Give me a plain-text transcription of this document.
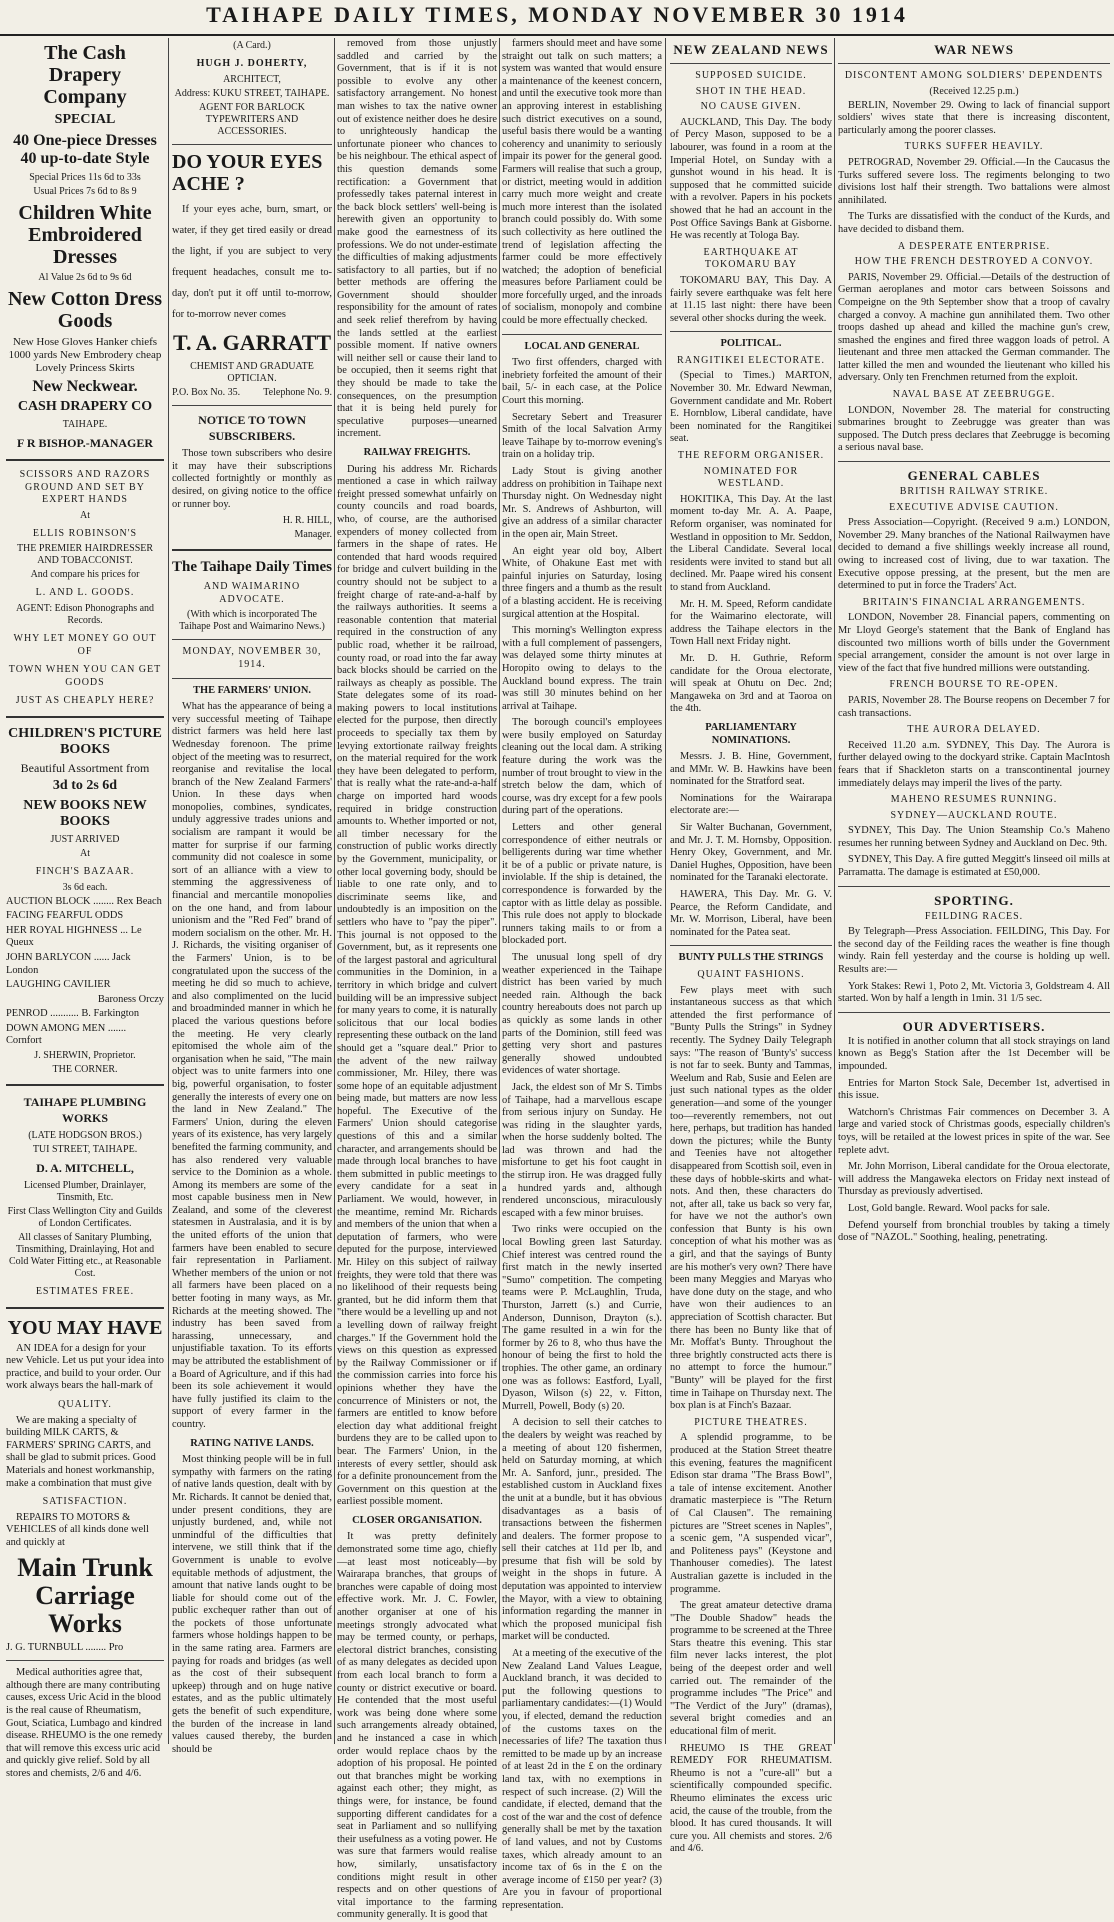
TAIHAPE DAILY TIMES, MONDAY NOVEMBER 30 1914
The Cash Drapery Company
SPECIAL
40 One-piece Dresses 40 up-to-date Style
Special Prices 11s 6d to 33s
Usual Prices 7s 6d to 8s 9
Children White Embroidered Dresses
Al Value 2s 6d to 9s 6d
New Cotton Dress Goods
New Hose Gloves Hanker chiefs 1000 yards New Embrodery cheap Lovely Princess Skirts
New Neckwear.
CASH DRAPERY CO
TAIHAPE.
F R BISHOP.-MANAGER
SCISSORS AND RAZORS GROUND AND SET BY EXPERT HANDS
At
ELLIS ROBINSON'S
THE PREMIER HAIRDRESSER AND TOBACCONIST.
And compare his prices for
L. AND L. GOODS.
AGENT: Edison Phonographs and Records.
WHY LET MONEY GO OUT OF
TOWN WHEN YOU CAN GET GOODS
JUST AS CHEAPLY HERE?
CHILDREN'S PICTURE BOOKS
Beautiful Assortment from
3d to 2s 6d
NEW BOOKS NEW BOOKS
JUST ARRIVED
At
FINCH'S BAZAAR.
3s 6d each.
AUCTION BLOCK ........ Rex Beach
FACING FEARFUL ODDS
HER ROYAL HIGHNESS ... Le Queux
JOHN BARLYCON ...... Jack London
LAUGHING CAVILIER
Baroness Orczy
PENROD ........... B. Farkington
DOWN AMONG MEN ....... Cornfort
J. SHERWIN, Proprietor.
THE CORNER.
TAIHAPE PLUMBING WORKS
(LATE HODGSON BROS.)
TUI STREET, TAIHAPE.
D. A. MITCHELL,
Licensed Plumber, Drainlayer, Tinsmith, Etc.
First Class Wellington City and Guilds of London Certificates.
All classes of Sanitary Plumbing, Tinsmithing, Drainlaying, Hot and Cold Water Fitting etc., at Reasonable Cost.
ESTIMATES FREE.
YOU MAY HAVE

AN IDEA for a design for your new Vehicle. Let us put your idea into practice, and build to your order. Our work always bears the hall-mark of

QUALITY.

We are making a specialty of building MILK CARTS, & FARMERS' SPRING CARTS, and shall be glad to submit prices. Good Materials and honest workmanship, make a combination that must give

SATISFACTION.

REPAIRS TO MOTORS & VEHICLES of all kinds done well and quickly at

Main Trunk Carriage Works
J. G. TURNBULL ........ Pro

Medical authorities agree that, although there are many contributing causes, excess Uric Acid in the blood is the real cause of Rheumatism, Gout, Sciatica, Lumbago and kindred disease. RHEUMO is the one remedy that will remove this excess uric acid and quickly give relief. Sold by all stores and chemists, 2/6 and 4/6.

(A Card.)
HUGH J. DOHERTY,
ARCHITECT,
Address: KUKU STREET, TAIHAPE.
AGENT FOR BARLOCK TYPEWRITERS AND ACCESSORIES.
DO YOUR EYES ACHE ?

If your eyes ache, burn, smart, or water, if they get tired easily or dread the light, if you are subject to very frequent headaches, consult me to-day, don't put it off until to-morrow, for to-morrow never comes

T. A. GARRATT
CHEMIST AND GRADUATE OPTICIAN.
P.O. Box No. 35. Telephone No. 9.
NOTICE TO TOWN SUBSCRIBERS.

Those town subscribers who desire it may have their subscriptions collected fortnightly or monthly as desired, on giving notice to the office or runner boy.

H. R. HILL,
Manager.
The Taihape Daily Times
AND WAIMARINO ADVOCATE.
(With which is incorporated The Taihape Post and Waimarino News.)
MONDAY, NOVEMBER 30, 1914.
THE FARMERS' UNION.

What has the appearance of being a very successful meeting of Taihape district farmers was held here last Wednesday forenoon. The prime object of the meeting was to resurrect, reorganise and revitalise the local branch of the New Zealand Farmers' Union. In these days when monopolies, combines, syndicates, unduly aggressive trades unions and socialism are rampant it would be matter for surprise if our farming community did not coalesce in some sort of an alliance with a view to stemming the aggressiveness of financial and mercantile monopolies on the one hand, and from labour unionism and the "Red Fed" brand of modern socialism on the other. Mr. H. J. Richards, the visiting organiser of the Farmers' Union, is to be congratulated upon the success of the meeting he did so much to achieve, and also complimented on the lucid and broadminded manner in which he placed the various questions before the meeting. He very clearly epitomised the whole aim of the organisation when he said, "The main object was to unite farmers into one big, powerful organisation, to foster generally the interests of every one on the land in New Zealand." The Farmers' Union, during the eleven years of its existence, has very largely benefited the farming community, and has also rendered very valuable service to the Dominion as a whole. Among its members are some of the most capable business men in New Zealand, and some of the cleverest statesmen in Australasia, and it is by the united efforts of the union that farmers have been enabled to secure fair representation in Parliament. Whether members of the union or not all farmers have been placed on a better footing in many ways, as Mr. Richards at the meeting showed. The industry has been saved from harassing, unnecessary, and unjustifiable taxation. To its efforts may be attributed the establishment of a Board of Agriculture, and if this had been its sole achievement it would have fully justified its claim to the support of every farmer in the country.

RATING NATIVE LANDS.

Most thinking people will be in full sympathy with farmers on the rating of native lands question, dealt with by Mr. Richards. It cannot be denied that, under present conditions, they are unjustly burdened, and, while not unmindful of the difficulties that intervene, we still think that if the Government is unable to evolve equitable methods of adjustment, the amount that native lands ought to be liable for should come out of the public exchequer rather than out of the pockets of those unfortunate farmers whose holdings happen to be in the same rating area. Farmers are paying for roads and bridges (as well as the cost of their subsequent upkeep) through and on huge native estates, and as the public ultimately gets the benefit of such expenditure, the burden of the increase in land values caused thereby, the burden should be

removed from those unjustly saddled and carried by the Government, that is if it is not possible to evolve any other satisfactory arrangement. No honest man wishes to tax the native owner out of existence neither does he desire to unrighteously handicap the unfortunate pioneer who chances to be his neighbour. The ethical aspect of this question demands some rectification: a Government that professedly takes paternal interest in the back block settlers' well-being is herewith given an opportunity to make good the earnestness of its professions. We do not under-estimate the difficulties of making adjustments satisfactory to all parties, but if no better methods are offering the Government should shoulder responsibility for the amount of rates and seek relief therefrom by having the lands settled at the earliest possible moment. If native owners will neither sell or cause their land to be occupied, then it seems right that they should be made to take the consequences, on the presumption that it is being held purely for speculative purposes—unearned increment.

RAILWAY FREIGHTS.

During his address Mr. Richards mentioned a case in which railway freight pressed somewhat unfairly on county councils and road boards, who, of course, are the authorised expenders of money collected from farmers in the shape of rates. He contended that hard woods required for bridge and culvert building in the country should not be subject to a freight charge of rate-and-a-half by the railways authorities. It seems a reasonable contention that material required in the construction of any public road, whether it be railroad, county road, or road into the far away back blocks should be carried on the railways as cheaply as possible. The State delegates some of its road-making powers to local institutions elected for the purpose, then directly proceeds to specially tax them by levying extortionate railway freights on the material required for the work they have been delegated to perform, that is really what the rate-and-a-half charge on imported hard woods required in bridge construction amounts to. Whether imported or not, all timber necessary for the construction of public works directly by the Government, municipality, or other local governing body, should be liable to one rate only, and to discriminate seems like, and undoubtedly is an imposition on the settlers who have to "pay the piper". This journal is not opposed to the Government, but, as it represents one of the largest pastoral and agricultural communities in the Dominion, in a territory in which bridge and culvert building will be an impressive subject for many years to come, it is naturally solicitous that our local bodies representing these outback on the land should get a "square deal." Prior to the advent of the new railway commissioner, Mr. Hiley, there was some hope of an equitable adjustment being made, but matters are now less hopeful. The Executive of the Farmers' Union should categorise questions of this and a similar character, and arrangements should be made through local branches to have them submitted in public meetings to every candidate for a seat in Parliament. We would, however, in the meantime, remind Mr. Richards and members of the union that when a deputation of farmers, who were deputed for the purpose, interviewed Mr. Hiley on this subject of railway freights, they were told that there was no likelihood of their requests being granted, but he did inform them that "there would be a levelling up and not a levelling down of railway freight charges." If the Government hold the views on this question as expressed by the Railway Commissioner or if the commission carries into force his opinions whether they have the concurrence of Ministers or not, the farmers are entitled to know before election day what additional freight burdens they are to be called upon to bear. The Farmers' Union, in the interests of every settler, should ask for a definite pronouncement from the Government on this question at the earliest possible moment.

CLOSER ORGANISATION.

It was pretty definitely demonstrated some time ago, chiefly—at least most noticeably—by Wairarapa branches, that groups of branches were capable of doing most effective work. Mr. J. C. Fowler, another organiser at one of his meetings strongly advocated what may be termed county, or perhaps, electoral district branches, consisting of as many delegates as decided upon from each local branch to form a county or district executive or board. He contended that the most useful work was being done where some such arrangements already obtained, and he instanced a case in which order would replace chaos by the adoption of his proposal. He pointed out that branches might be working against each other; they might, as things were, for instance, be found supporting different candidates for a seat in Parliament and so nullifying their usefulness as a voting power. He was sure that farmers would realise how, similarly, unsatisfactory conditions might result in other respects and on other questions of vital importance to the farming community generally. It is good that

farmers should meet and have some straight out talk on such matters; a system was wanted that would ensure a maintenance of the keenest concern, and until the executive took more than an approving interest in establishing such district executives on a sound, useful basis there would be a wanting coherency and unanimity to seriously impair its power for the general good. Farmers will realise that such a group, or district, meeting would in addition carry much more weight and create much more interest than the isolated branch could possibly do. With some such collectivity as here outlined the trend of legislation affecting the farmer could be more effectively watched; the adoption of beneficial measures before Parliament could be more forcefully urged, and the inroads of socialism, monopoly and combine could be more effectually checked.

LOCAL AND GENERAL

Two first offenders, charged with inebriety forfeited the amount of their bail, 5/- in each case, at the Police Court this morning.

Secretary Sebert and Treasurer Smith of the local Salvation Army leave Taihape by to-morrow evening's train on a holiday trip.

Lady Stout is giving another address on prohibition in Taihape next Thursday night. On Wednesday night Mr. S. Andrews of Ashburton, will give an address of a similar character in the open air, Main Street.

An eight year old boy, Albert White, of Ohakune East met with painful injuries on Saturday, losing three fingers and a thumb as the result of a blasting accident. He is receiving surgical attention at the Hospital.

This morning's Wellington express with a full complement of passengers, was delayed some thirty minutes at Horopito owing to delays to the Auckland bound express. The train was still 30 minutes behind on her arrival at Taihape.

The borough council's employees were busily employed on Saturday cleaning out the local dam. A striking feature during the work was the number of trout brought to view in the stretch below the dam, which of course, was dry except for a few pools during part of the operations.

Letters and other general correspondence of either neutrals or belligerents during war time whether it be of a public or private nature, is inviolable. If the ship is detained, the correspondence is forwarded by the captor with as little delay as possible. This rule does not apply to blockade runners taking mails to or from a blockaded port.

The unusual long spell of dry weather experienced in the Taihape district has been varied by much needed rain. Although the back country hereabouts does not parch up as quickly as some lands in other parts of the Dominion, still feed was getting very short and pastures generally showed undoubted evidences of water shortage.

Jack, the eldest son of Mr S. Timbs of Taihape, had a marvellous escape from serious injury on Sunday. He was riding in the slaughter yards, when the horse suddenly bolted. The lad was thrown and had the misfortune to get his foot caught in the stirrup iron. He was dragged fully a hundred yards and, although rendered unconscious, miraculously escaped with a few minor bruises.

Two rinks were occupied on the local Bowling green last Saturday. Chief interest was centred round the first match in the newly inserted "Sumo" competition. The competing teams were P. McLaughlin, Truda, Thurston, Jarrett (s.) and Currie, Anderson, Dunnison, Drayton (s.). The game resulted in a win for the former by 26 to 8, who thus have the honour of being the first to hold the trophies. The other game, an ordinary one was as follows: Eastford, Lyall, Dyason, Wilson (s) 22, v. Fitton, Murrell, Powell, Body (s) 20.

A decision to sell their catches to the dealers by weight was reached by a meeting of about 120 fishermen, held on Saturday morning, at which Mr. A. Sanford, junr., presided. The established custom in Auckland fixes the unit at a bundle, but it has obvious disadvantages as a basis of transactions between the fishermen and dealers. The former propose to sell their catches at 11d per lb, and presume that fish will be sold by weight in the shops in future. A deputation was appointed to interview the Mayor, with a view to obtaining information regarding the manner in which the proposed municipal fish market will be conducted.

At a meeting of the executive of the New Zealand Land Values League, Auckland branch, it was decided to put the following questions to parliamentary candidates:—(1) Would you, if elected, demand the reduction of the customs taxes on the necessaries of life? The taxation thus remitted to be made up by an increase of at least 2d in the £ on the ordinary land tax, with no exemptions in respect of such increase. (2) Will the candidate, if elected, demand that the cost of the war and the cost of defence generally shall be met by the taxation of land values, and not by Customs taxes, which already amount to an income tax of 6s in the £ on the average income of £150 per year? (3) Are you in favour of proportional representation.

NEW ZEALAND NEWS
SUPPOSED SUICIDE.
SHOT IN THE HEAD.
NO CAUSE GIVEN.

AUCKLAND, This Day. The body of Percy Mason, supposed to be a labourer, was found in a room at the Imperial Hotel, on Sunday with a gunshot wound in his head. It is supposed that he committed suicide with a revolver. Papers in his pockets showed that he had an account in the Post Office Savings Bank at Gisborne. He was recently at Tologa Bay.

EARTHQUAKE AT TOKOMARU BAY

TOKOMARU BAY, This Day. A fairly severe earthquake was felt here at 11.15 last night: there have been several other shocks during the week.

POLITICAL.
RANGITIKEI ELECTORATE.

(Special to Times.) MARTON, November 30. Mr. Edward Newman, Government candidate and Mr. Robert E. Hornblow, Liberal candidate, have been nominated for the Rangitikei seat.

THE REFORM ORGANISER.
NOMINATED FOR WESTLAND.

HOKITIKA, This Day. At the last moment to-day Mr. A. A. Paape, Reform organiser, was nominated for Westland in opposition to Mr. Seddon, the Liberal Candidate. Several local residents were invited to stand but all declined. Mr. Paape wired his consent to stand from Auckland.

Mr. H. M. Speed, Reform candidate for the Waimarino electorate, will address the Taihape electors in the Town Hall next Friday night.

Mr. D. H. Guthrie, Reform candidate for the Oroua electorate, will speak at Ohutu on Dec. 2nd; Mangaweka on 3rd and at Taoroa on the 4th.

PARLIAMENTARY NOMINATIONS.

Messrs. J. B. Hine, Government, and MMr. W. B. Hawkins have been nominated for the Stratford seat.

Nominations for the Wairarapa electorate are:—

Sir Walter Buchanan, Government, and Mr. J. T. M. Hornsby, Opposition. Henry Okey, Government, and Mr. Daniel Hughes, Opposition, have been nominated for the Taranaki electorate.

HAWERA, This Day. Mr. G. V. Pearce, the Reform Candidate, and Mr. W. Morrison, Liberal, have been nominated for the Patea seat.

BUNTY PULLS THE STRINGS
QUAINT FASHIONS.

Few plays meet with such instantaneous success as that which attended the first performance of "Bunty Pulls the Strings" in Sydney recently. The Sydney Daily Telegraph says: "The reason of 'Bunty's' success is not far to seek. Bunty and Tammas, Weelum and Rab, Susie and Eelen are just such national types as the older generation—and some of the younger too—reverently remembers, not out here, perhaps, but tradition has handed down the pictures; while the Bunty and Teenies have not altogether disappeared from Scottish soil, even in these days of hobble-skirts and what-nots. And then, these characters do not, after all, take us back so very far, for have we not the author's own confession that Bunty is his own conception of what his mother was as a girl, and that the sayings of Bunty are his mother's very own? There have been many Meggies and Maryas who have done duty on the stage, and who have won their audiences to an appreciation of Scottish character. But there has been no Bunty like that of Mr. Moffat's Bunty. Throughout the three brightly constructed acts there is no attempt to force the humour." "Bunty" will be played for the first time in Taihape on Thursday next. The box plan is at Finch's Bazaar.

PICTURE THEATRES.

A splendid programme, to be produced at the Station Street theatre this evening, features the magnificent Edison star drama "The Brass Bowl", a tale of intense excitement. Another dramatic masterpiece is "The Return of Cal Clausen". The remaining pictures are "Street scenes in Naples", a scenic gem, "A suspended vicar", and Politeness pays" (Keystone and Thanhouser comedies). The latest Australian gazette is included in the programme.

The great amateur detective drama "The Double Shadow" heads the programme to be screened at the Three Stars theatre this evening. This star film never lacks interest, the plot being of the deepest order and well carried out. The remainder of the programme includes "The Price" and "The Verdict of the Jury" (dramas), several bright comedies and an educational film of merit.

RHEUMO IS THE GREAT REMEDY FOR RHEUMATISM. Rheumo is not a "cure-all" but a scientifically compounded specific. Rheumo eliminates the excess uric acid, the cause of the trouble, from the blood. It has cured thousands. It will cure you. All chemists and stores. 2/6 and 4/6.

WAR NEWS
DISCONTENT AMONG SOLDIERS' DEPENDENTS
(Received 12.25 p.m.)

BERLIN, November 29. Owing to lack of financial support soldiers' wives state that there is increasing discontent, particularly among the poorer classes.

TURKS SUFFER HEAVILY.

PETROGRAD, November 29. Official.—In the Caucasus the Turks suffered severe loss. The regiments belonging to two divisions lost half their strength. Two battalions were almost annihilated.

The Turks are dissatisfied with the conduct of the Kurds, and have decided to disband them.

A DESPERATE ENTERPRISE.
HOW THE FRENCH DESTROYED A CONVOY.

PARIS, November 29. Official.—Details of the destruction of German aeroplanes and motor cars between Soissons and Compeigne on the 9th September show that a troop of cavalry charged a convoy. A machine gun annihilated them. Two other troops dashed up ahead and killed the machine gun's crew, smashed the engines and fired three waggon loads of petrol. A lieutenant and three men attacked the German commander. The latter killed the men and wounded the lieutenant who killed his adversary. Only ten Frenchmen returned from the exploit.

NAVAL BASE AT ZEEBRUGGE.

LONDON, November 28. The material for constructing submarines brought to Zeebrugge was greater than was supposed. The Dutch press declares that Zeebrugge is becoming a serious naval base.

GENERAL CABLES
BRITISH RAILWAY STRIKE.
EXECUTIVE ADVISE CAUTION.

Press Association—Copyright. (Received 9 a.m.) LONDON, November 29. Many branches of the National Railwaymen have decided to demand a five shillings weekly increase all round, owing to increased cost of living, due to war taxation. The Executive oppose pressing, at the present, but the men are determined to put in force the Traders' Act.

BRITAIN'S FINANCIAL ARRANGEMENTS.

LONDON, November 28. Financial papers, commenting on Mr Lloyd George's statement that the Bank of England has discounted two millions worth of bills under the Government special arrangement, consider the amount is not over large in view of the fact that five hundred millions were outstanding.

FRENCH BOURSE TO RE-OPEN.

PARIS, November 28. The Bourse reopens on December 7 for cash transactions.

THE AURORA DELAYED.

Received 11.20 a.m. SYDNEY, This Day. The Aurora is further delayed owing to the dockyard strike. Captain MacIntosh fears that if Shackleton starts on a transcontinental journey immediately delays may imperil the lives of the party.

MAHENO RESUMES RUNNING.
SYDNEY—AUCKLAND ROUTE.

SYDNEY, This Day. The Union Steamship Co.'s Maheno resumes her running between Sydney and Auckland on Dec. 9th.

SYDNEY, This Day. A fire gutted Meggitt's linseed oil mills at Parramatta. The damage is estimated at £50,000.

SPORTING.
FEILDING RACES.

By Telegraph—Press Association. FEILDING, This Day. For the second day of the Feilding races the weather is fine though windy. Rain fell yesterday and the course is holding up well. Results are:—

York Stakes: Rewi 1, Poto 2, Mt. Victoria 3, Goldstream 4. All started. Won by half a length in 1min. 31 1/5 sec.

OUR ADVERTISERS.

It is notified in another column that all stock strayings on land known as Begg's Station after the 1st December will be impounded.

Entries for Marton Stock Sale, December 1st, advertised in this issue.

Watchorn's Christmas Fair commences on December 3. A large and varied stock of Christmas goods, especially children's toys, will be retailed at the lowest prices in spite of the war. See replete advt.

Mr. John Morrison, Liberal candidate for the Oroua electorate, will address the Mangaweka electors on Friday next instead of Thursday as previously advertised.

Lost, Gold bangle. Reward. Wool packs for sale.

Defend yourself from bronchial troubles by taking a timely dose of "NAZOL." Soothing, healing, penetrating.
